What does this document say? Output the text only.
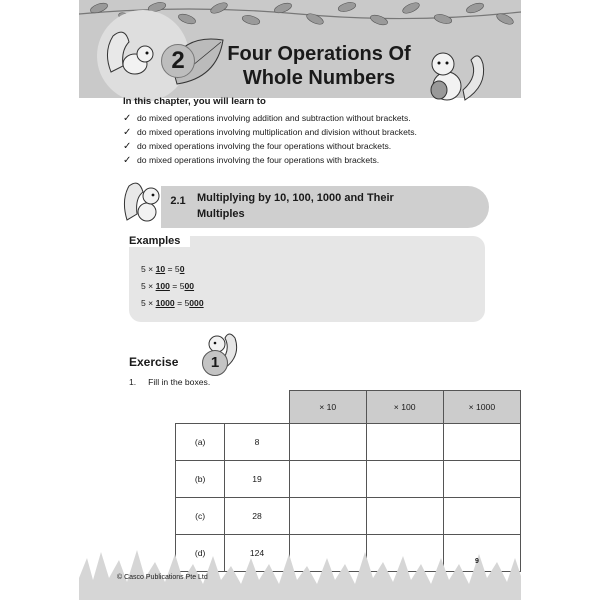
2	Four Operations Of
Whole Numbers
In this chapter, you will learn to
✓ do mixed operations involving addition and subtraction without brackets.
✓ do mixed operations involving multiplication and division without brackets.
✓ do mixed operations involving the four operations without brackets.
✓ do mixed operations involving the four operations with brackets.
2.1	Multiplying by 10, 100, 1000 and Their
Multiples
Examples
5 × 10 = 50
5 × 100 = 500
5 × 1000 = 5000
Exercise	1
1. Fill in the boxes.
		× 10	× 100	× 1000
(a)	8			
(b)	19			
(c)	28			
(d)	124			
© Casco Publications Pte Ltd
9
